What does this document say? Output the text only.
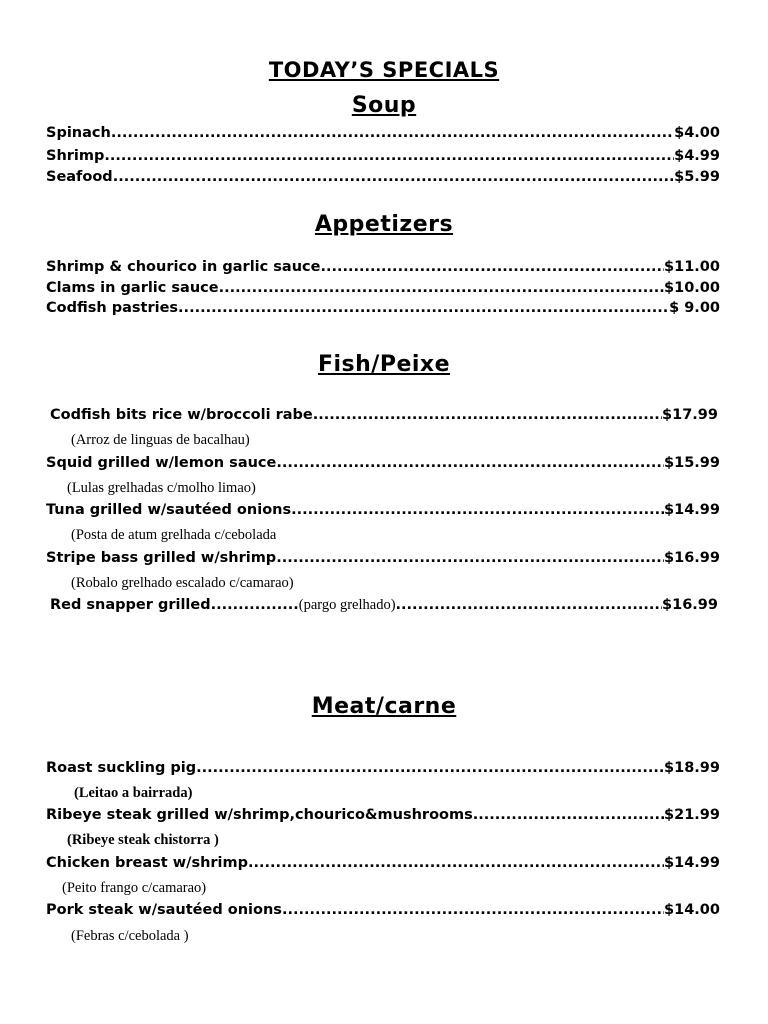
TODAY’S SPECIALS
Soup
Spinach .....	$4.00
Shrimp .....	$4.99
Seafood .....	$5.99
Appetizers
Shrimp & chourico in garlic sauce .....	$11.00
Clams in garlic sauce .....	$10.00
Codfish pastries .....	$ 9.00
Fish/Peixe
Codfish bits rice w/broccoli rabe .....	$17.99
(Arroz de linguas de bacalhau)
Squid grilled w/lemon sauce .....	$15.99
(Lulas grelhadas c/molho limao)
Tuna grilled w/sautéed onions .....	$14.99
(Posta de atum grelhada c/cebolada
Stripe bass grilled w/shrimp .....	$16.99
(Robalo grelhado escalado c/camarao)
Red snapper grilled ................ (pargo grelhado) .....	$16.99
Meat/carne
Roast suckling pig .....	$18.99
(Leitao a bairrada)
Ribeye steak grilled w/shrimp,chourico&mushrooms .....	$21.99
(Ribeye steak chistorra )
Chicken breast w/shrimp .....	$14.99
(Peito frango c/camarao)
Pork steak w/sautéed onions .....	$14.00
(Febras c/cebolada )
